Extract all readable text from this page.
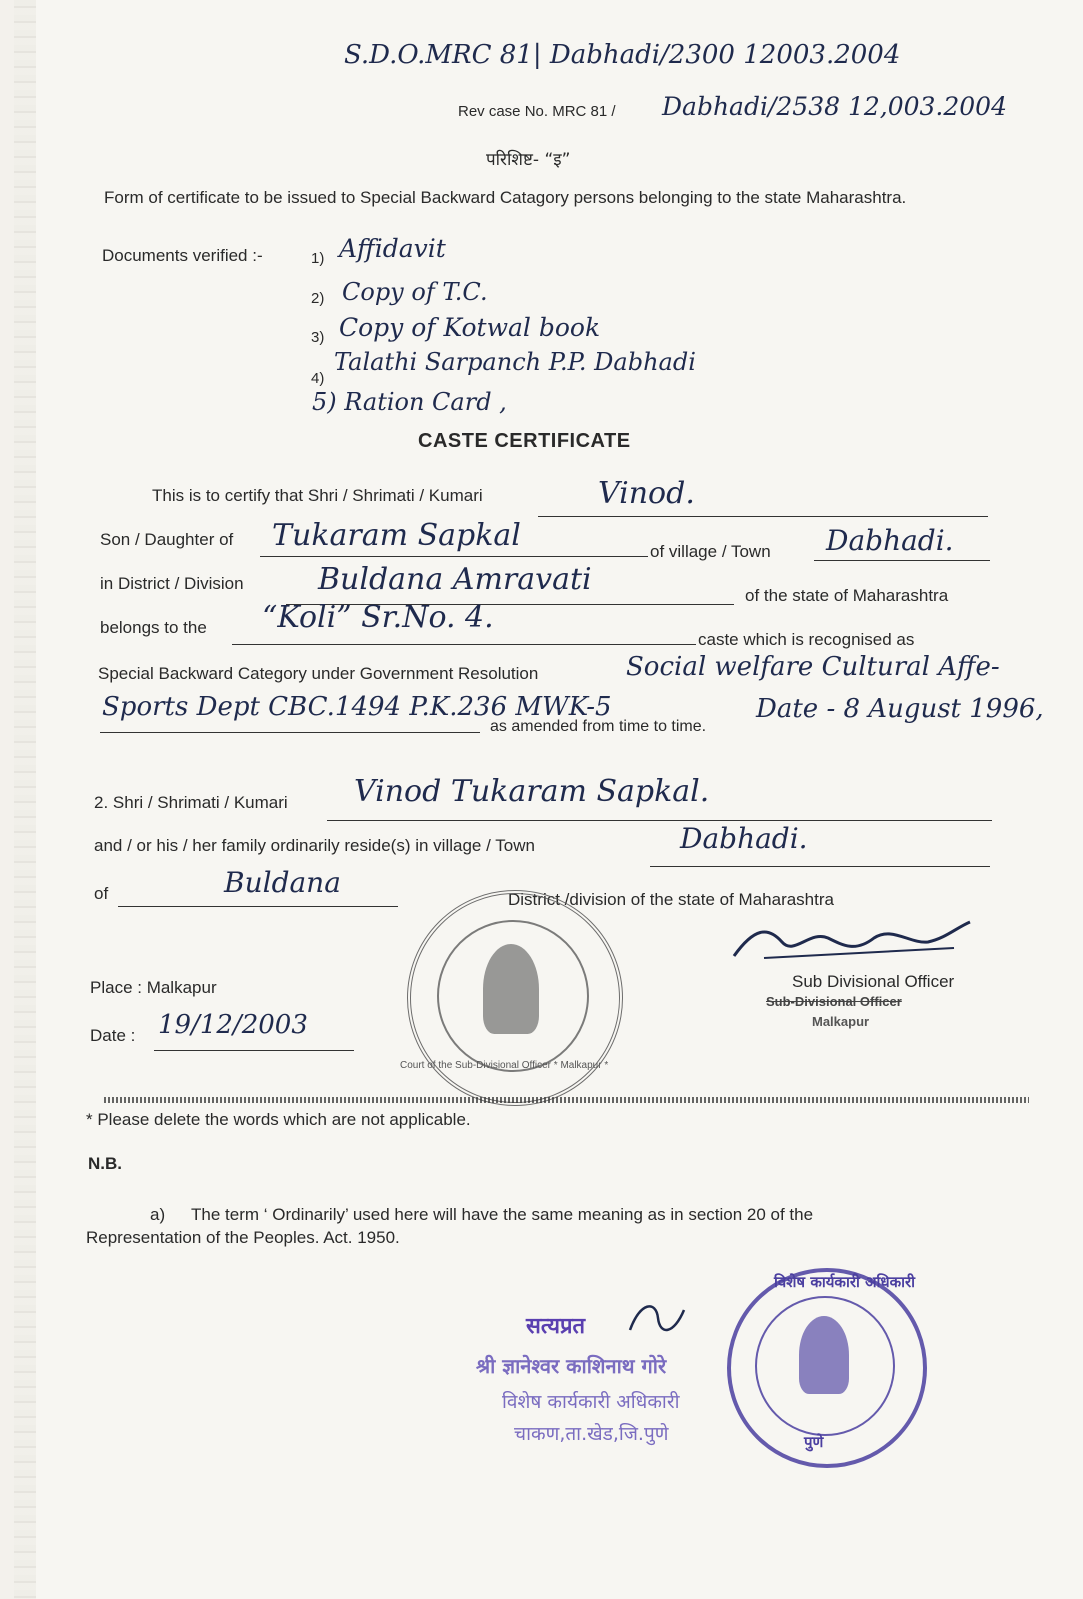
S.D.O.MRC 81| Dabhadi/2300 12003.2004
Rev case No. MRC 81 / Dabhadi/2538 12,003.2004
परिशिष्ट- “इ”
Form of certificate to be issued to Special Backward Catagory persons belonging to the state Maharashtra.
Documents verified :-	1) Affidavit
2) Copy of T.C.
3) Copy of Kotwal book
4)
Talathi Sarpanch P.P. Dabhadi
5) Ration Card ,
CASTE CERTIFICATE
This is to certify that Shri / Shrimati / Kumari	Vinod.
Son / Daughter of Tukaram Sapkal	of village / Town Dabhadi.
in District / Division Buldana Amravati	of the state of Maharashtra
belongs to the “Koli” Sr.No. 4.
caste which is recognised as
Special Backward Category under Government Resolution	Social welfare Cultural Affe-
Sports Dept CBC.1494 P.K.236 MWK-5
as amended from time to time.
Date - 8 August 1996,
2. Shri / Shrimati / Kumari Vinod Tukaram Sapkal.
and / or his / her family ordinarily reside(s) in village / Town	Dabhadi.
of	Buldana
District /division of the state of Maharashtra
Court of the Sub-Divisional Officer * Malkapur *
Sub Divisional Officer
Sub-Divisional Officer
Malkapur
Place : Malkapur
Date : 19/12/2003
* Please delete the words which are not applicable.
N.B.
a) The term ‘ Ordinarily’ used here will have the same meaning as in section 20 of the
Representation of the Peoples. Act. 1950.
सत्यप्रत
श्री ज्ञानेश्वर काशिनाथ गोरे
विशेष कार्यकारी अधिकारी
चाकण,ता.खेड,जि.पुणे
विशेष कार्यकारी अधिकारी
पुणे
